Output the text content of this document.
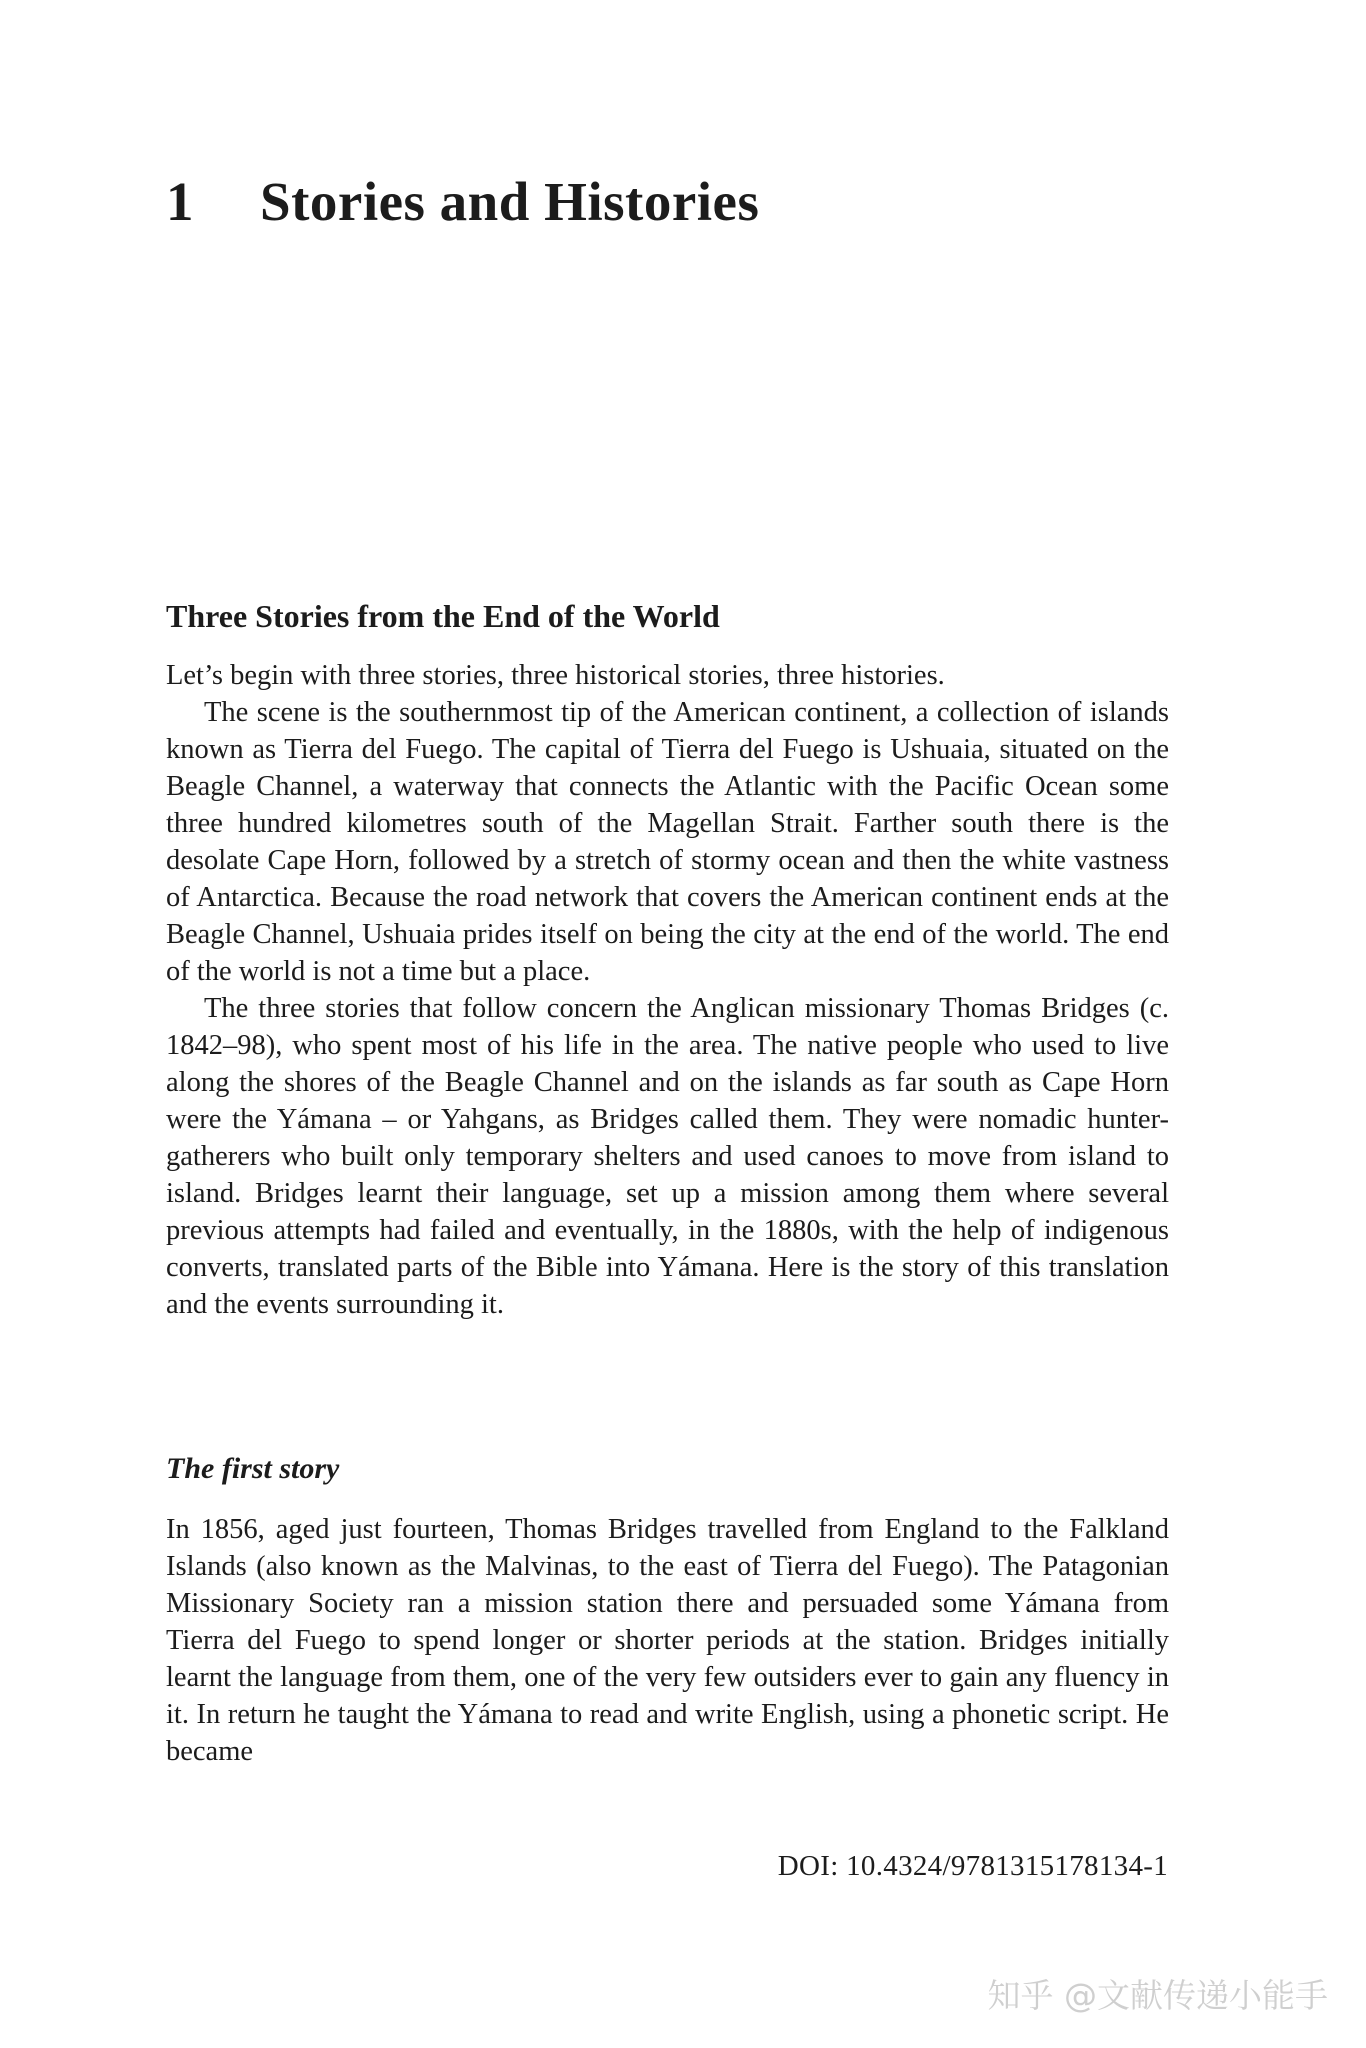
1 Stories and Histories
Three Stories from the End of the World

Let’s begin with three stories, three historical stories, three histories.

The scene is the southernmost tip of the American continent, a collection of islands known as Tierra del Fuego. The capital of Tierra del Fuego is Ushuaia, situated on the Beagle Channel, a waterway that connects the Atlantic with the Pacific Ocean some three hundred kilometres south of the Magellan Strait. Farther south there is the desolate Cape Horn, followed by a stretch of stormy ocean and then the white vastness of Antarctica. Because the road network that covers the American continent ends at the Beagle Channel, Ushuaia prides itself on being the city at the end of the world. The end of the world is not a time but a place.

The three stories that follow concern the Anglican missionary Thomas Bridges (c. 1842–98), who spent most of his life in the area. The native people who used to live along the shores of the Beagle Channel and on the islands as far south as Cape Horn were the Yámana – or Yahgans, as Bridges called them. They were nomadic hunter-gatherers who built only temporary shelters and used canoes to move from island to island. Bridges learnt their language, set up a mission among them where several previous attempts had failed and eventually, in the 1880s, with the help of indigenous converts, translated parts of the Bible into Yámana. Here is the story of this translation and the events surrounding it.

The first story

In 1856, aged just fourteen, Thomas Bridges travelled from England to the Falkland Islands (also known as the Malvinas, to the east of Tierra del Fuego). The Patagonian Missionary Society ran a mission station there and persuaded some Yámana from Tierra del Fuego to spend longer or shorter periods at the station. Bridges initially learnt the language from them, one of the very few outsiders ever to gain any fluency in it. In return he taught the Yámana to read and write English, using a phonetic script. He became

DOI: 10.4324/9781315178134-1
知乎 @文献传递小能手
